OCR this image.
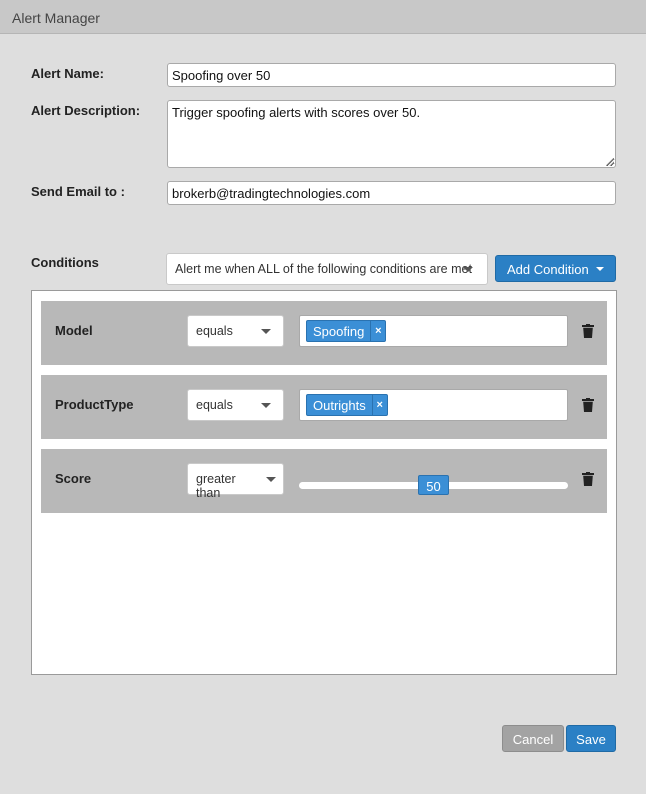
Alert Manager
Alert Name:	Spoofing over 50
Alert Description:	Trigger spoofing alerts with scores over 50.
Send Email to :	brokerb@tradingtechnologies.com
Conditions	Alert me when ALL of the following conditions are met	Add Condition
Model	equals	Spoofing ×
ProductType	equals	Outrights ×
Score	greater than	50
Cancel	Save
